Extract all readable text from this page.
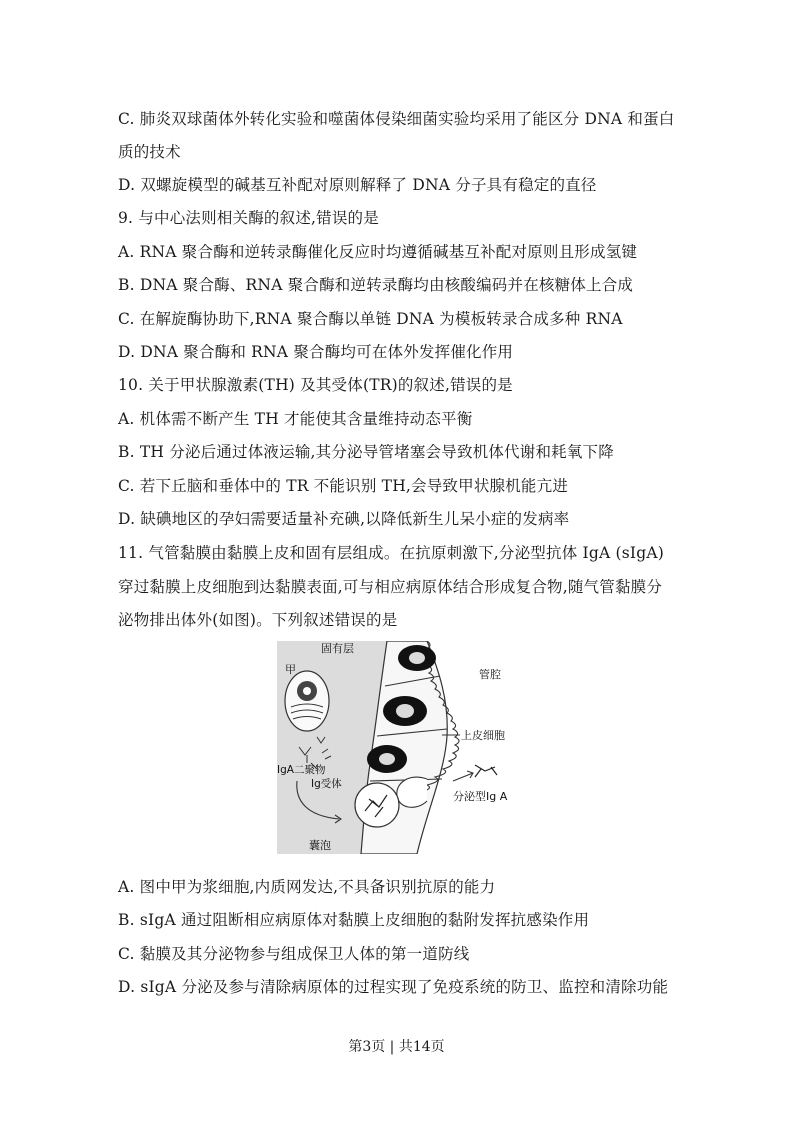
C. 肺炎双球菌体外转化实验和噬菌体侵染细菌实验均采用了能区分 DNA 和蛋白
质的技术
D. 双螺旋模型的碱基互补配对原则解释了 DNA 分子具有稳定的直径
9. 与中心法则相关酶的叙述,错误的是
A. RNA 聚合酶和逆转录酶催化反应时均遵循碱基互补配对原则且形成氢键
B. DNA 聚合酶、RNA 聚合酶和逆转录酶均由核酸编码并在核糖体上合成
C. 在解旋酶协助下,RNA 聚合酶以单链 DNA 为模板转录合成多种 RNA
D. DNA 聚合酶和 RNA 聚合酶均可在体外发挥催化作用
10. 关于甲状腺激素(TH) 及其受体(TR)的叙述,错误的是
A. 机体需不断产生 TH 才能使其含量维持动态平衡
B. TH 分泌后通过体液运输,其分泌导管堵塞会导致机体代谢和耗氧下降
C. 若下丘脑和垂体中的 TR 不能识别 TH,会导致甲状腺机能亢进
D. 缺碘地区的孕妇需要适量补充碘,以降低新生儿呆小症的发病率
11. 气管黏膜由黏膜上皮和固有层组成。在抗原刺激下,分泌型抗体 IgA (sIgA)
穿过黏膜上皮细胞到达黏膜表面,可与相应病原体结合形成复合物,随气管黏膜分
泌物排出体外(如图)。下列叙述错误的是
固有层
甲	管腔
上皮细胞
IgA二聚物
Ig受体
分泌型Ig A
囊泡
A. 图中甲为浆细胞,内质网发达,不具备识别抗原的能力
B. sIgA 通过阻断相应病原体对黏膜上皮细胞的黏附发挥抗感染作用
C. 黏膜及其分泌物参与组成保卫人体的第一道防线
D. sIgA 分泌及参与清除病原体的过程实现了免疫系统的防卫、监控和清除功能
第3页 | 共14页
